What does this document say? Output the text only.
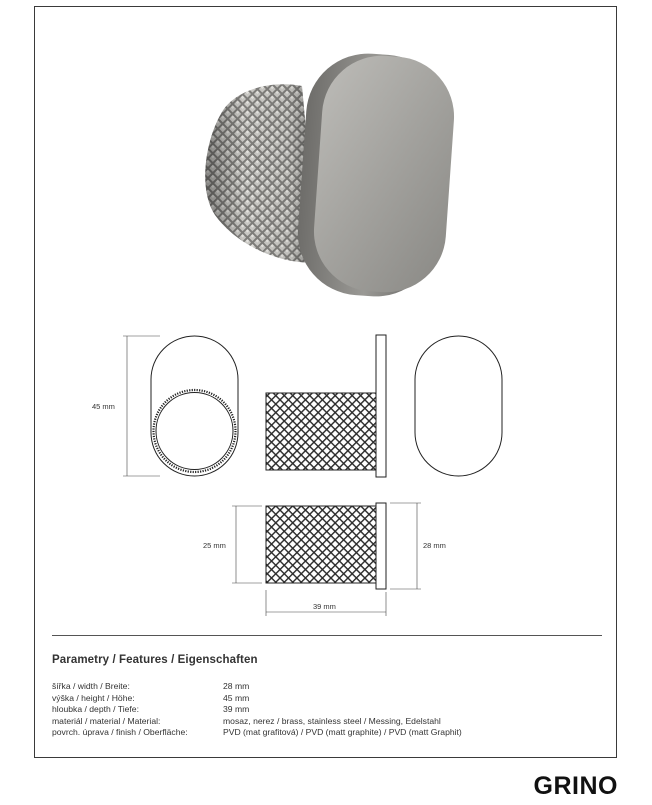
45 mm
25 mm	28 mm
39 mm
Parametry / Features / Eigenschaften
šířka / width / Breite:	28 mm
výška / height / Höhe:	45 mm
hloubka / depth / Tiefe:	39 mm
materiál / material / Material:	mosaz, nerez / brass, stainless steel / Messing, Edelstahl
povrch. úprava / finish / Oberfläche:	PVD (mat grafitová) / PVD (matt graphite) / PVD (matt Graphit)
GRINO
